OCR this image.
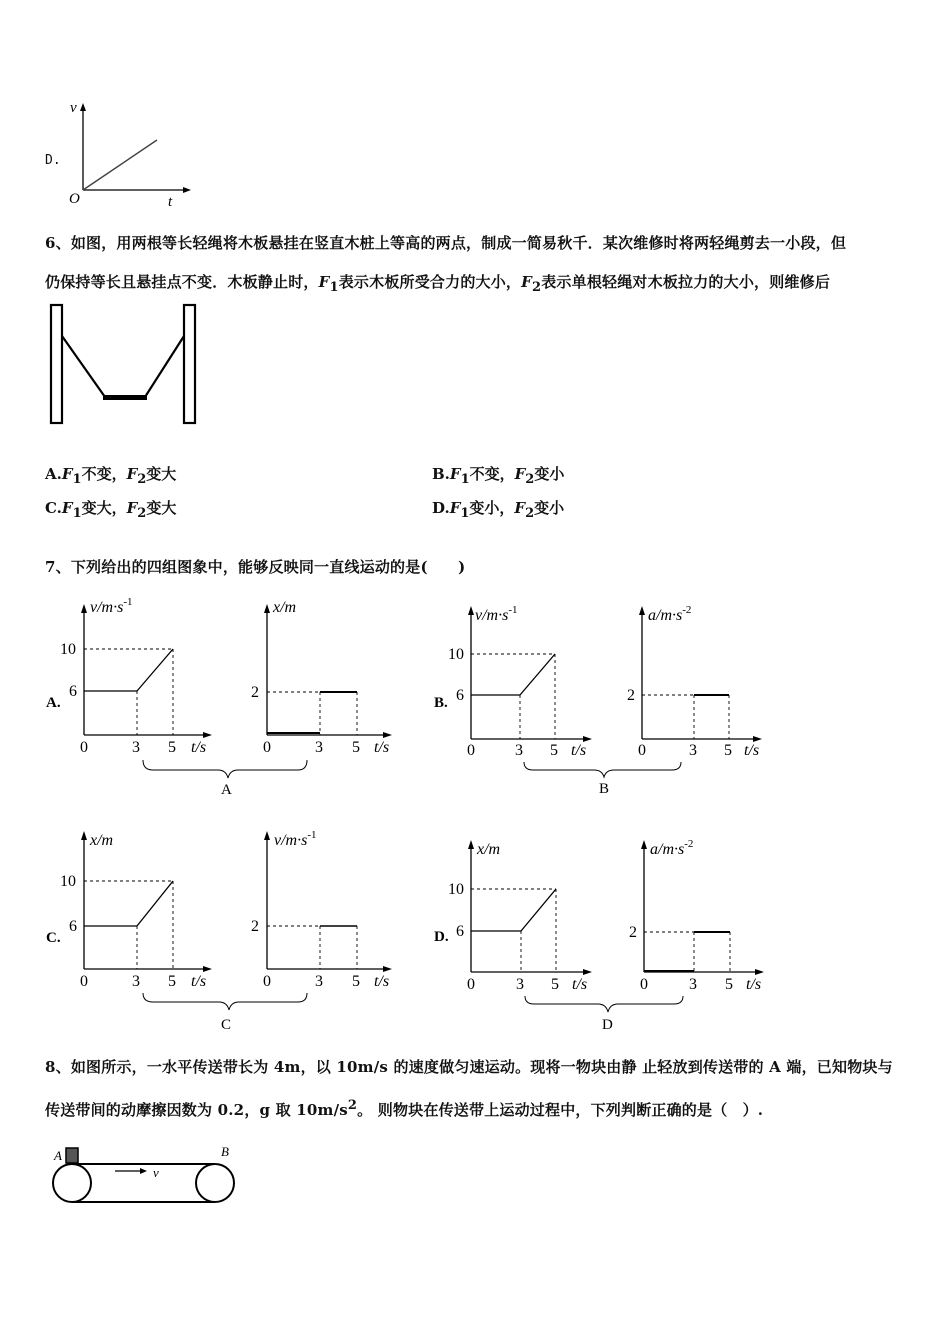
D.
v
O	t
6、如图，用两根等长轻绳将木板悬挂在竖直木桩上等高的两点，制成一简易秋千．某次维修时将两轻绳剪去一小段，但
仍保持等长且悬挂点不变．木板静止时，$F_1$表示木板所受合力的大小，$F_2$表示单根轻绳对木板拉力的大小，则维修后
$A.F_1$不变，$F_2$变大	$B.F_1$不变，$F_2$变小
$C.F_1$变大，$F_2$变大	$D.F_1$变小，$F_2$变小
7、下列给出的四组图象中，能够反映同一直线运动的是(　　)
A.
$v/m\cdot s^{-1}$
10
6
0	3 5 t/s
x/m
2
0	3 5 t/s
A
B.
$v/m\cdot s^{-1}$
10
6
0	3 5 t/s
$a/m\cdot s^{-2}$
2
0	3 5 t/s
B
C.
x/m
10
6
0	3 5 t/s
$v/m\cdot s^{-1}$
2
0	3 5 t/s
C
D.
x/m
10
6
0	3 5 t/s
$a/m\cdot s^{-2}$
2
0	3 5 t/s
D
8、如图所示，一水平传送带长为 4m，以 10m/s 的速度做匀速运动。现将一物块由静 止轻放到传送带的 A 端，已知物块与
传送带间的动摩擦因数为 0.2，g 取 $10m/s^2$。 则物块在传送带上运动过程中，下列判断正确的是（　）.
A	B
v
